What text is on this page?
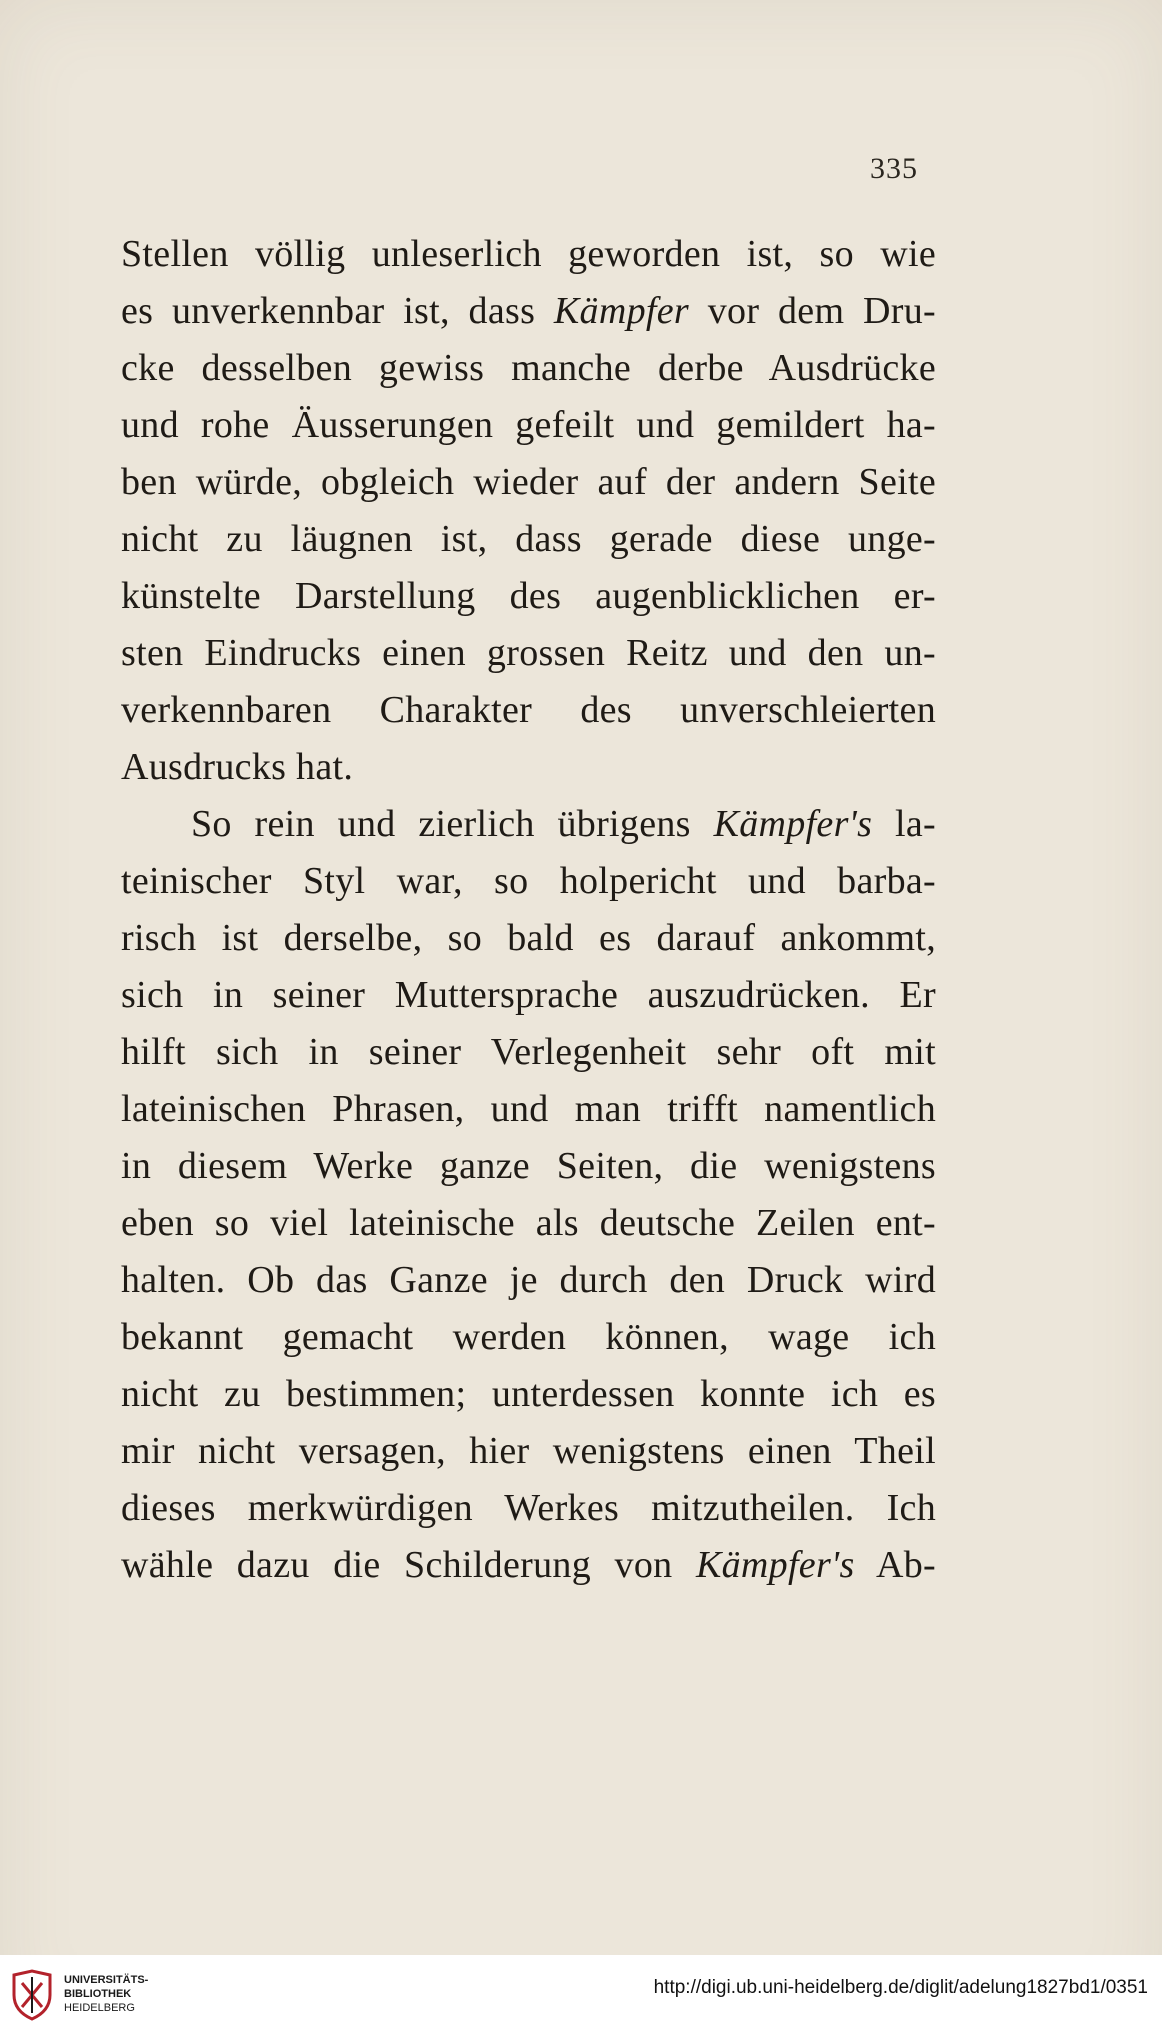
335
Stellen völlig unleserlich geworden ist, so wie
es unverkennbar ist, dass Kämpfer vor dem Dru-
cke desselben gewiss manche derbe Ausdrücke
und rohe Äusserungen gefeilt und gemildert ha-
ben würde, obgleich wieder auf der andern Seite
nicht zu läugnen ist, dass gerade diese unge-
künstelte Darstellung des augenblicklichen er-
sten Eindrucks einen grossen Reitz und den un-
verkennbaren Charakter des unverschleierten
Ausdrucks hat.
So rein und zierlich übrigens Kämpfer's la-
teinischer Styl war, so holpericht und barba-
risch ist derselbe, so bald es darauf ankommt,
sich in seiner Muttersprache auszudrücken. Er
hilft sich in seiner Verlegenheit sehr oft mit
lateinischen Phrasen, und man trifft namentlich
in diesem Werke ganze Seiten, die wenigstens
eben so viel lateinische als deutsche Zeilen ent-
halten. Ob das Ganze je durch den Druck wird
bekannt gemacht werden können, wage ich
nicht zu bestimmen; unterdessen konnte ich es
mir nicht versagen, hier wenigstens einen Theil
dieses merkwürdigen Werkes mitzutheilen. Ich
wähle dazu die Schilderung von Kämpfer's Ab-
UNIVERSITÄTS-
BIBLIOTHEK
HEIDELBERG
http://digi.ub.uni-heidelberg.de/diglit/adelung1827bd1/0351
